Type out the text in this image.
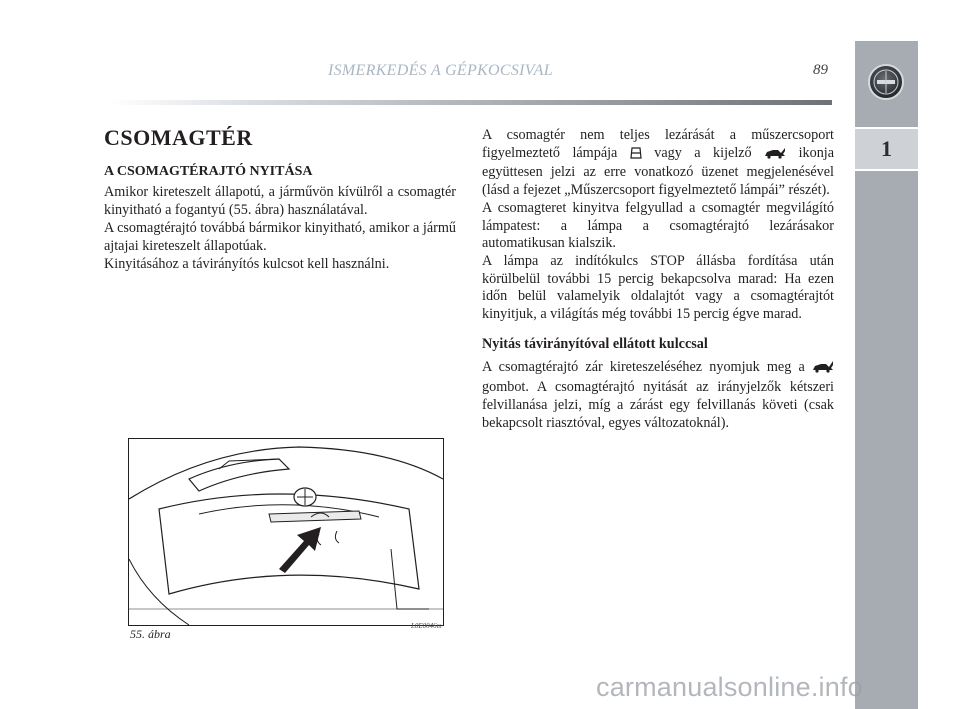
ISMERKEDÉS A GÉPKOCSIVAL	89
1
CSOMAGTÉR
A CSOMAGTÉRAJTÓ NYITÁSA

Amikor kireteszelt állapotú, a járművön kívülről a csomagtér kinyitható a fogantyú (55. ábra) használatával.

A csomagtérajtó továbbá bármikor kinyitható, amikor a jármű ajtajai kireteszelt állapotúak.

Kinyitásához a távirányítós kulcsot kell használni.

A csomagtér nem teljes lezárását a műszercsoport figyelmeztető lámpája	vagy a kijelző	ikonja együttesen jelzi az erre vonatkozó üzenet megjelenésével (lásd a fejezet „Műszercsoport figyelmeztető lámpái” részét).

A csomagteret kinyitva felgyullad a csomagtér megvilágító lámpatest: a lámpa a csomagtérajtó lezárásakor automatikusan kialszik.

A lámpa az indítókulcs STOP állásba fordítása után körülbelül további 15 percig bekapcsolva marad: Ha ezen időn belül valamelyik oldalajtót vagy a csomagtérajtót kinyitjuk, a világítás még további 15 percig égve marad.

Nyitás távirányítóval ellátott kulccsal

A csomagtérajtó zár kireteszeléséhez nyomjuk meg a  gombot. A csomagtérajtó nyitását az irányjelzők kétszeri felvillanása jelzi, míg a zárást egy felvillanás követi (csak bekapcsolt riasztóval, egyes változatoknál).

55. ábra
L0E0046m
carmanualsonline.info
